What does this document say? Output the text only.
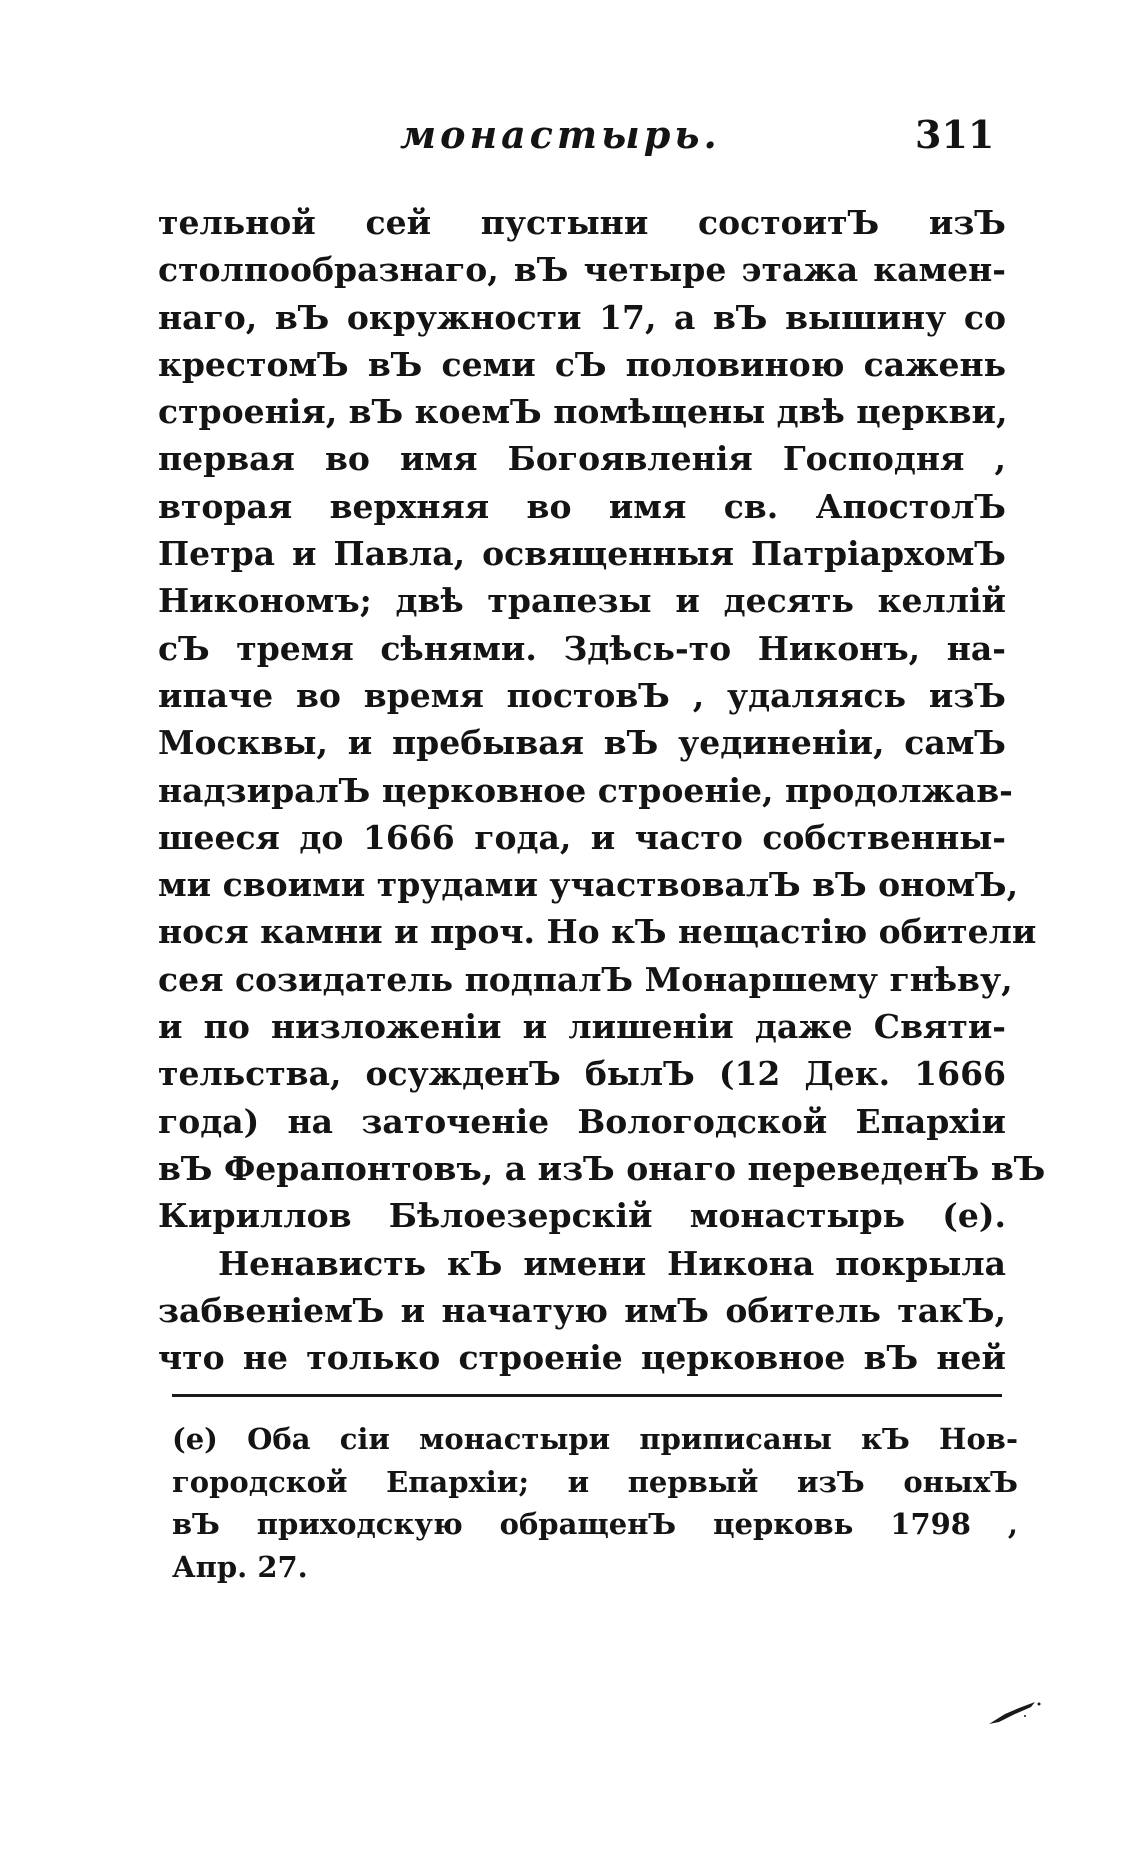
монастырь.	311
тельной сей пустыни состоитЪ изЪ
столпообразнаго, вЪ четыре этажа камен-
наго, вЪ окружности 17, а вЪ вышину со
крестомЪ вЪ семи сЪ половиною сажень
строенія, вЪ коемЪ помѣщены двѣ церкви,
первая во имя Богоявленія Господня ,
вторая верхняя во имя св. АпостолЪ
Петра и Павла, освященныя ПатріархомЪ
Никономъ; двѣ трапезы и десять келлій
сЪ тремя сѣнями. Здѣсь-то Никонъ, на-
ипаче во время постовЪ , удаляясь изЪ
Москвы, и пребывая вЪ уединеніи, самЪ
надзиралЪ церковное строеніе, продолжав-
шееся до 1666 года, и часто собственны-
ми своими трудами участвовалЪ вЪ ономЪ,
нося камни и проч. Но кЪ нещастію обители
сея созидатель подпалЪ Монаршему гнѣву,
и по низложеніи и лишеніи даже Святи-
тельства, осужденЪ былЪ (12 Дек. 1666
года) на заточеніе Вологодской Епархіи
вЪ Ферапонтовъ, а изЪ онаго переведенЪ вЪ
Кириллов Бѣлоезерскій монастырь (е).
Ненависть кЪ имени Никона покрыла
забвеніемЪ и начатую имЪ обитель такЪ,
что не только строеніе церковное вЪ ней
(е) Оба сіи монастыри приписаны кЪ Нов-
городской Епархіи; и первый изЪ оныхЪ
вЪ приходскую обращенЪ церковь 1798 ,
Апр. 27.
